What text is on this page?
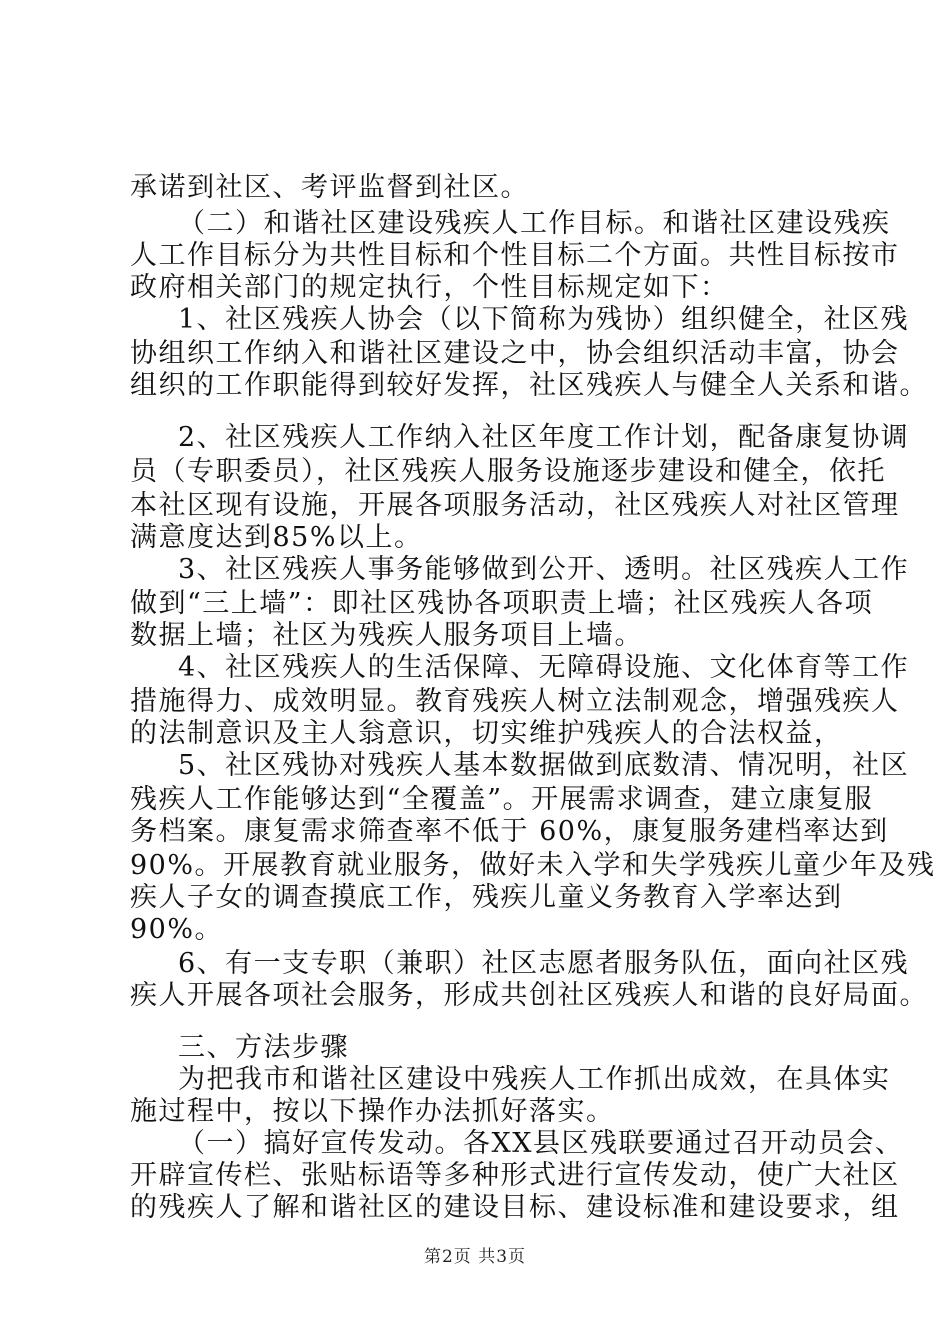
承诺到社区、考评监督到社区。
（二）和谐社区建设残疾人工作目标。和谐社区建设残疾
人工作目标分为共性目标和个性目标二个方面。共性目标按市
政府相关部门的规定执行，个性目标规定如下：
1、社区残疾人协会（以下简称为残协）组织健全，社区残
协组织工作纳入和谐社区建设之中，协会组织活动丰富，协会
组织的工作职能得到较好发挥，社区残疾人与健全人关系和谐。
2、社区残疾人工作纳入社区年度工作计划，配备康复协调
员（专职委员），社区残疾人服务设施逐步建设和健全，依托
本社区现有设施，开展各项服务活动，社区残疾人对社区管理
满意度达到85%以上。
3、社区残疾人事务能够做到公开、透明。社区残疾人工作
做到“三上墙”：即社区残协各项职责上墙；社区残疾人各项
数据上墙；社区为残疾人服务项目上墙。
4、社区残疾人的生活保障、无障碍设施、文化体育等工作
措施得力、成效明显。教育残疾人树立法制观念，增强残疾人
的法制意识及主人翁意识，切实维护残疾人的合法权益，
5、社区残协对残疾人基本数据做到底数清、情况明，社区
残疾人工作能够达到“全覆盖”。开展需求调查，建立康复服
务档案。康复需求筛查率不低于 60%，康复服务建档率达到
90%。开展教育就业服务，做好未入学和失学残疾儿童少年及残
疾人子女的调查摸底工作，残疾儿童义务教育入学率达到
90%。
6、有一支专职（兼职）社区志愿者服务队伍，面向社区残
疾人开展各项社会服务，形成共创社区残疾人和谐的良好局面。
三、方法步骤
为把我市和谐社区建设中残疾人工作抓出成效，在具体实
施过程中，按以下操作办法抓好落实。
（一）搞好宣传发动。各XX县区残联要通过召开动员会、
开辟宣传栏、张贴标语等多种形式进行宣传发动，使广大社区
的残疾人了解和谐社区的建设目标、建设标准和建设要求，组
第2页 共3页
